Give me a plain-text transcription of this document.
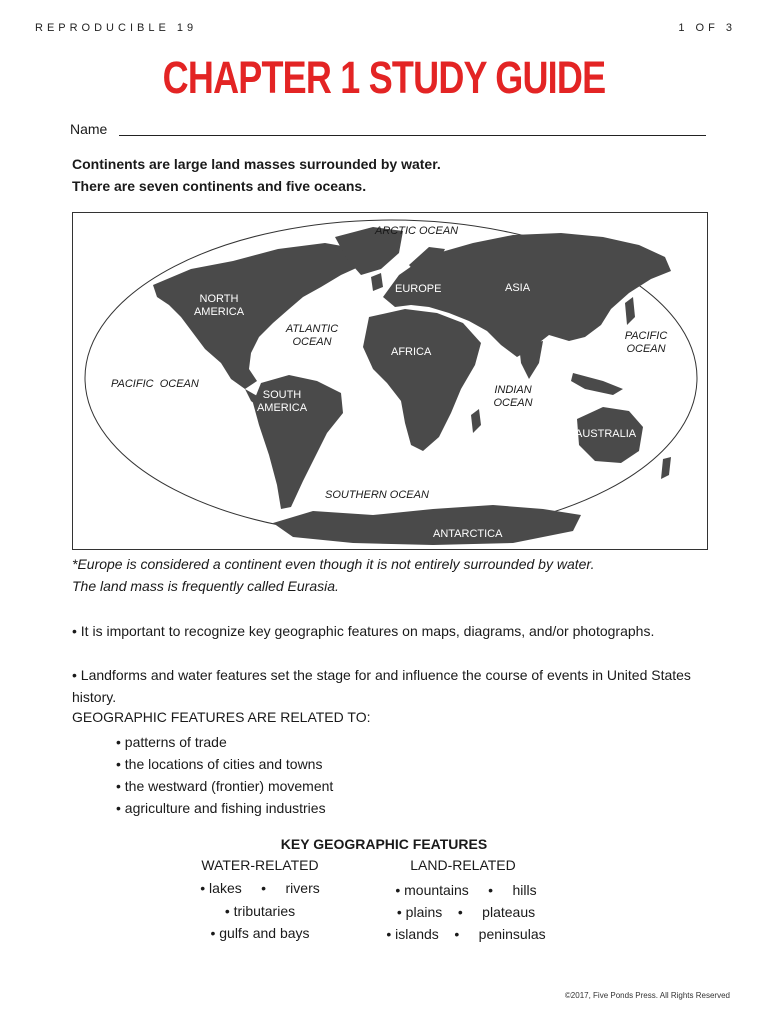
REPRODUCIBLE 19	1 OF 3
CHAPTER 1 STUDY GUIDE
Name
Continents are large land masses surrounded by water.
There are seven continents and five oceans.
ARCTIC OCEAN
NORTH AMERICA
EUROPE	ASIA
ATLANTIC OCEAN	PACIFIC OCEAN
AFRICA
PACIFIC  OCEAN
SOUTH AMERICA
INDIAN OCEAN
AUSTRALIA
SOUTHERN OCEAN
ANTARCTICA
*Europe is considered a continent even though it is not entirely surrounded by water.
The land mass is frequently called Eurasia.
• It is important to recognize key geographic features on maps, diagrams, and/or photographs.
• Landforms and water features set the stage for and influence the course of events in United States history.
GEOGRAPHIC FEATURES ARE RELATED TO:
• patterns of trade
• the locations of cities and towns
• the westward (frontier) movement
• agriculture and fishing industries
KEY GEOGRAPHIC FEATURES
WATER-RELATED	LAND-RELATED
• lakes     •     rivers
• tributaries
• gulfs and bays
• mountains     •     hills
• plains    •     plateaus
• islands    •     peninsulas
©2017, Five Ponds Press. All Rights Reserved
